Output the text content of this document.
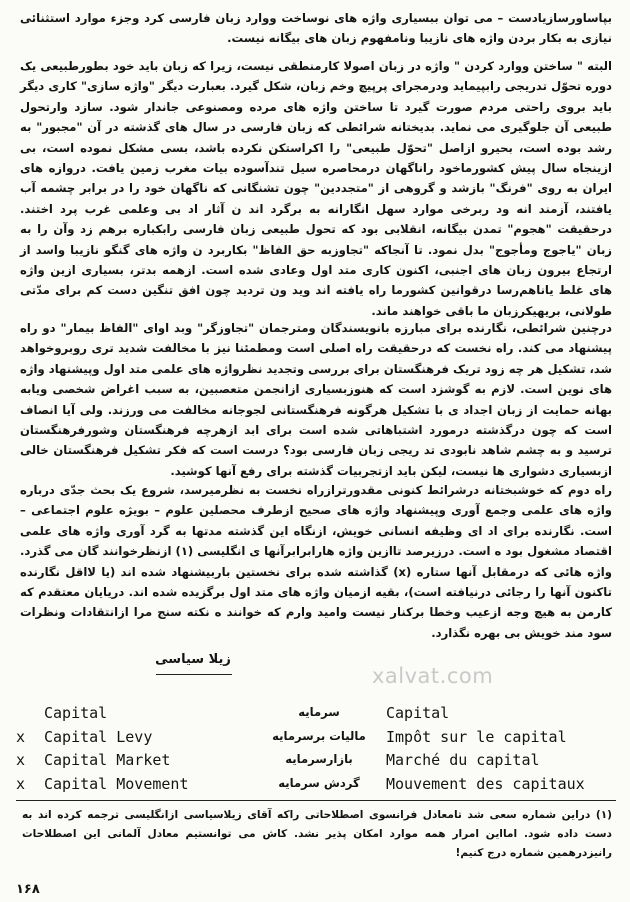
بپاساورسازیادست – می توان ببسیاری واژه های نوساخت ووارد زبان فارسی کرد وجزء موارد استثنائی نیازی به بکار بردن واژه های نازیبا ونامفهوم زبان های بیگانه نیست.
البته " ساختن ووارد کردن " واژه در زبان اصولا کارمنطقی نیست، زیرا که زبان باید خود بطورطبیعی یک دوره تحوّل تدریجی رابپیماید ودرمجرای پرپیچ وخم زبان، شکل گیرد. بعبارت دیگر "واژه سازی" کاری دیگر باید بروی راحتی مردم صورت گیرد تا ساختن واژه های مرده ومصنوعی جاندار شود. سازد وارتحول طبیعی آن جلوگیری می نماید. بدیختانه شرائطی که زبان فارسی در سال های گذشته در آن "مجبور" به رشد بوده است، بحیرو ازاصل "تحوّل طبیعی" را اکراستکن نکرده باشد، بسی مشکل نموده است، بی ازینجاه سال پیش کشورماخود راناگهان درمحاصره سیل تندآسوده بیات مغرب زمین یافت. دروازه های ایران به روی "فرنگ" بازشد و گروهی از "متجددین" چون تشنگانی که ناگهان خود را در برابر چشمه آب یافتند، آزمند انه ود ربرخی موارد سهل انگارانه به برگرد اند ن آثار اد بی وعلمی غرب پرد اختند. درحقیقت "هجوم" تمدن بیگانه، انقلابی بود که تحول طبیعی زبان فارسی رابکباره برهم زد وآن را به زبان "یاجوج ومأجوج" بدل نمود. تا آنجاکه "تجاوزبه حق الفاظ" بکاربرد ن واژه های گنگو نازیبا واسد از ارتجاع بیرون زبان های اجنبی، اکنون کاری متد اول وعادی شده است. ازهمه بدتر، بسیاری ازین واژه های غلط یاناهم‌رسا درقوانین کشورما راه یافته اند وید ون تردید چون افق تنگین دست کم برای مدّتی طولانی، بریهیکرزبان ما باقی خواهند ماند.
درچنین شرائطی، نگارنده برای مبارزه بانویسندگان ومترجمان "تجاوزگر" وبد اوای "الفاظ بیمار" دو راه پیشنهاد می کند. راه نخست که درحقیقت راه اصلی است ومطمئنا نیز با مخالفت شدید تری روبروخواهد شد، تشکیل هر چه زود تریک فرهنگستان برای بررسی وتجدید نظرواژه های علمی متد اول وپیشنهاد واژه های نوین است. لازم به گوشزد است که هنوزبسیاری ازانجمن متعصبین، به سبب اغراض شخصی ویابه بهانه حمایت از زبان اجداد ی با تشکیل هرگونه فرهنگستانی لجوجانه مخالفت می ورزند. ولی آیا انصاف است که چون درگذشته درمورد اشتباهاتی شده است برای ابد ازهرچه فرهنگستان وشورفرهنگستان ترسید و به چشم شاهد نابودی تد ریجی زبان فارسی بود؟ درست است که فکر تشکیل فرهنگستان خالی ازبسیاری دشواری ها نیست، لیکن باید ازتجربیات گذشته برای رفع آنها کوشید.
راه دوم که خوشبختانه درشرائط کنونی مقدورترازراه نخست به نظرمیرسد، شروع یک بحث جدّی درباره واژه های علمی وجمع آوری وپیشنهاد واژه های صحیح ازطرف محصلین علوم – بویژه علوم اجتماعی – است. نگارنده برای اد ای وظیفه انسانی خویش، ازنگاه این گذشته مدتها به گرد آوری واژه های علمی اقتصاد مشغول بود ه است. درزیرصد تاازین واژه هارابرابرآنها ی انگلیسی (۱) ازنظرخوانند گان می گذرد. واژه هائی که درمقابل آنها ستاره (x) گذاشته شده برای نخستین باربیشنهاد شده اند (یا لااقل نگارنده تاکنون آنها را رجائی درنیافته است)، بقیه ازمیان واژه های متد اول برگزیده شده اند. دریایان معتقدم که کارمن به هیچ وجه ازعیب وخطا برکنار نیست وامید وارم که خوانند ه نکته سنج مرا ازانتقادات ونظرات سود مند خویش بی بهره نگذارد.
زیلا سیاسی
xalvat.com
Capital	سرمایه	Capital
x Capital Levy	مالیات برسرمایه	Impôt sur le capital
x Capital Market	بازارسرمایه	Marché du capital
x Capital Movement	گردش سرمایه	Mouvement des capitaux
(۱) دراین شماره سعی شد تامعادل فرانسوی اصطلاحاتی راکه آقای زیلاسیاسی ازانگلیسی ترجمه کرده اند به دست داده شود. امااین امرار همه موارد امکان پذیر نشد. کاش می توانستیم معادل آلمانی این اصطلاحات رانیزدرهمین شماره درج کنیم!
۱۶۸
